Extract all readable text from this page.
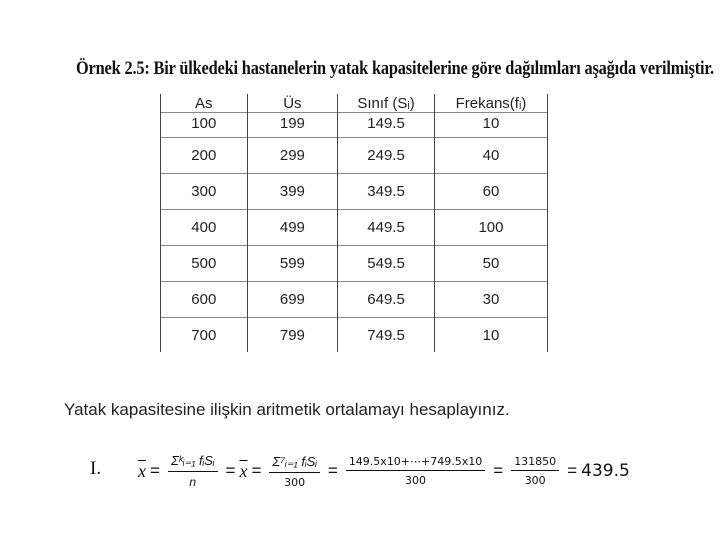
Örnek 2.5: Bir ülkedeki hastanelerin yatak kapasitelerine göre dağılımları aşağıda verilmiştir.
As	Üs	Sınıf (Sᵢ)	Frekans(fᵢ)
100	199	149.5	10
200	299	249.5	40
300	399	349.5	60
400	499	449.5	100
500	599	549.5	50
600	699	649.5	30
700	799	749.5	10
Yatak kapasitesine ilişkin aritmetik ortalamayı hesaplayınız.
I. $\overline{x} = \frac{\text{Σᵏᵢ₌₁ fᵢSᵢ}}{n} = \overline{x} = \frac{\text{Σ⁷ᵢ₌₁ fᵢSᵢ}}{300} = \frac{149.5x10+\cdots+749.5x10}{300} = \frac{131850}{300} = 439.5$
